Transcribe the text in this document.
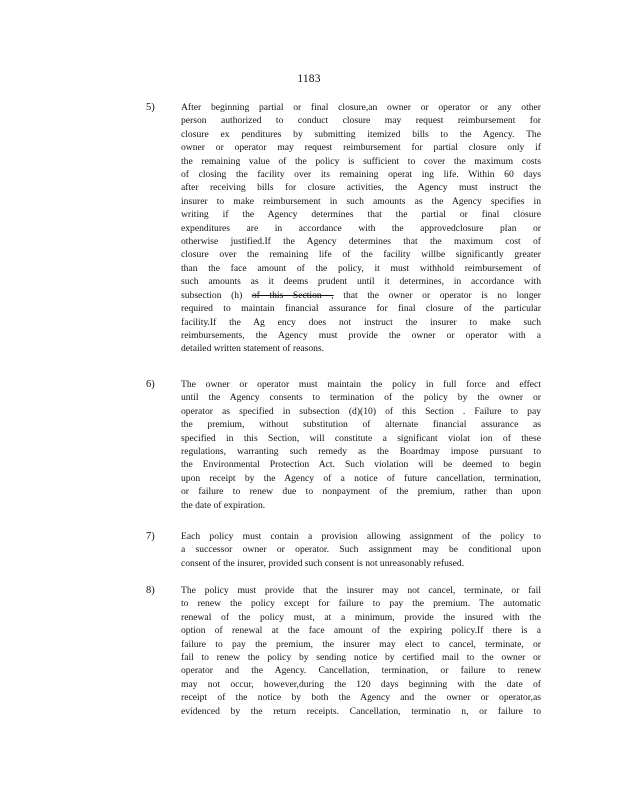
1183
5)	After beginning partial or final closure,an owner or operator or any other
person authorized to conduct closure may request reimbursement for
closure ex penditures by submitting itemized bills to the Agency. The
owner or operator may request reimbursement for partial closure only if
the remaining value of the policy is sufficient to cover the maximum costs
of closing the facility over its remaining operat ing life. Within 60 days
after receiving bills for closure activities, the Agency must instruct the
insurer to make reimbursement in such amounts as the Agency specifies in
writing if the Agency determines that the partial or final closure
expenditures are in accordance with the approvedclosure plan or
otherwise justified.If the Agency determines that the maximum cost of
closure over the remaining life of the facility willbe significantly greater
than the face amount of the policy, it must withhold reimbursement of
such amounts as it deems prudent until it determines, in accordance with
subsection (h) of this Section , that the owner or operator is no longer
required to maintain financial assurance for final closure of the particular
facility.If the Ag ency does not instruct the insurer to make such
reimbursements, the Agency must provide the owner or operator with a
detailed written statement of reasons.
6)	The owner or operator must maintain the policy in full force and effect
until the Agency consents to termination of the policy by the owner or
operator as specified in subsection (d)(10) of this Section . Failure to pay
the premium, without substitution of alternate financial assurance as
specified in this Section, will constitute a significant violat ion of these
regulations, warranting such remedy as the Boardmay impose pursuant to
the Environmental Protection Act. Such violation will be deemed to begin
upon receipt by the Agency of a notice of future cancellation, termination,
or failure to renew due to nonpayment of the premium, rather than upon
the date of expiration.
7)	Each policy must contain a provision allowing assignment of the policy to
a successor owner or operator. Such assignment may be conditional upon
consent of the insurer, provided such consent is not unreasonably refused.
8)	The policy must provide that the insurer may not cancel, terminate, or fail
to renew the policy except for failure to pay the premium. The automatic
renewal of the policy must, at a minimum, provide the insured with the
option of renewal at the face amount of the expiring policy.If there is a
failure to pay the premium, the insurer may elect to cancel, terminate, or
fail to renew the policy by sending notice by certified mail to the owner or
operator and the Agency. Cancellation, termination, or failure to renew
may not occur, however,during the 120 days beginning with the date of
receipt of the notice by both the Agency and the owner or operator,as
evidenced by the return receipts. Cancellation, terminatio n, or failure to
